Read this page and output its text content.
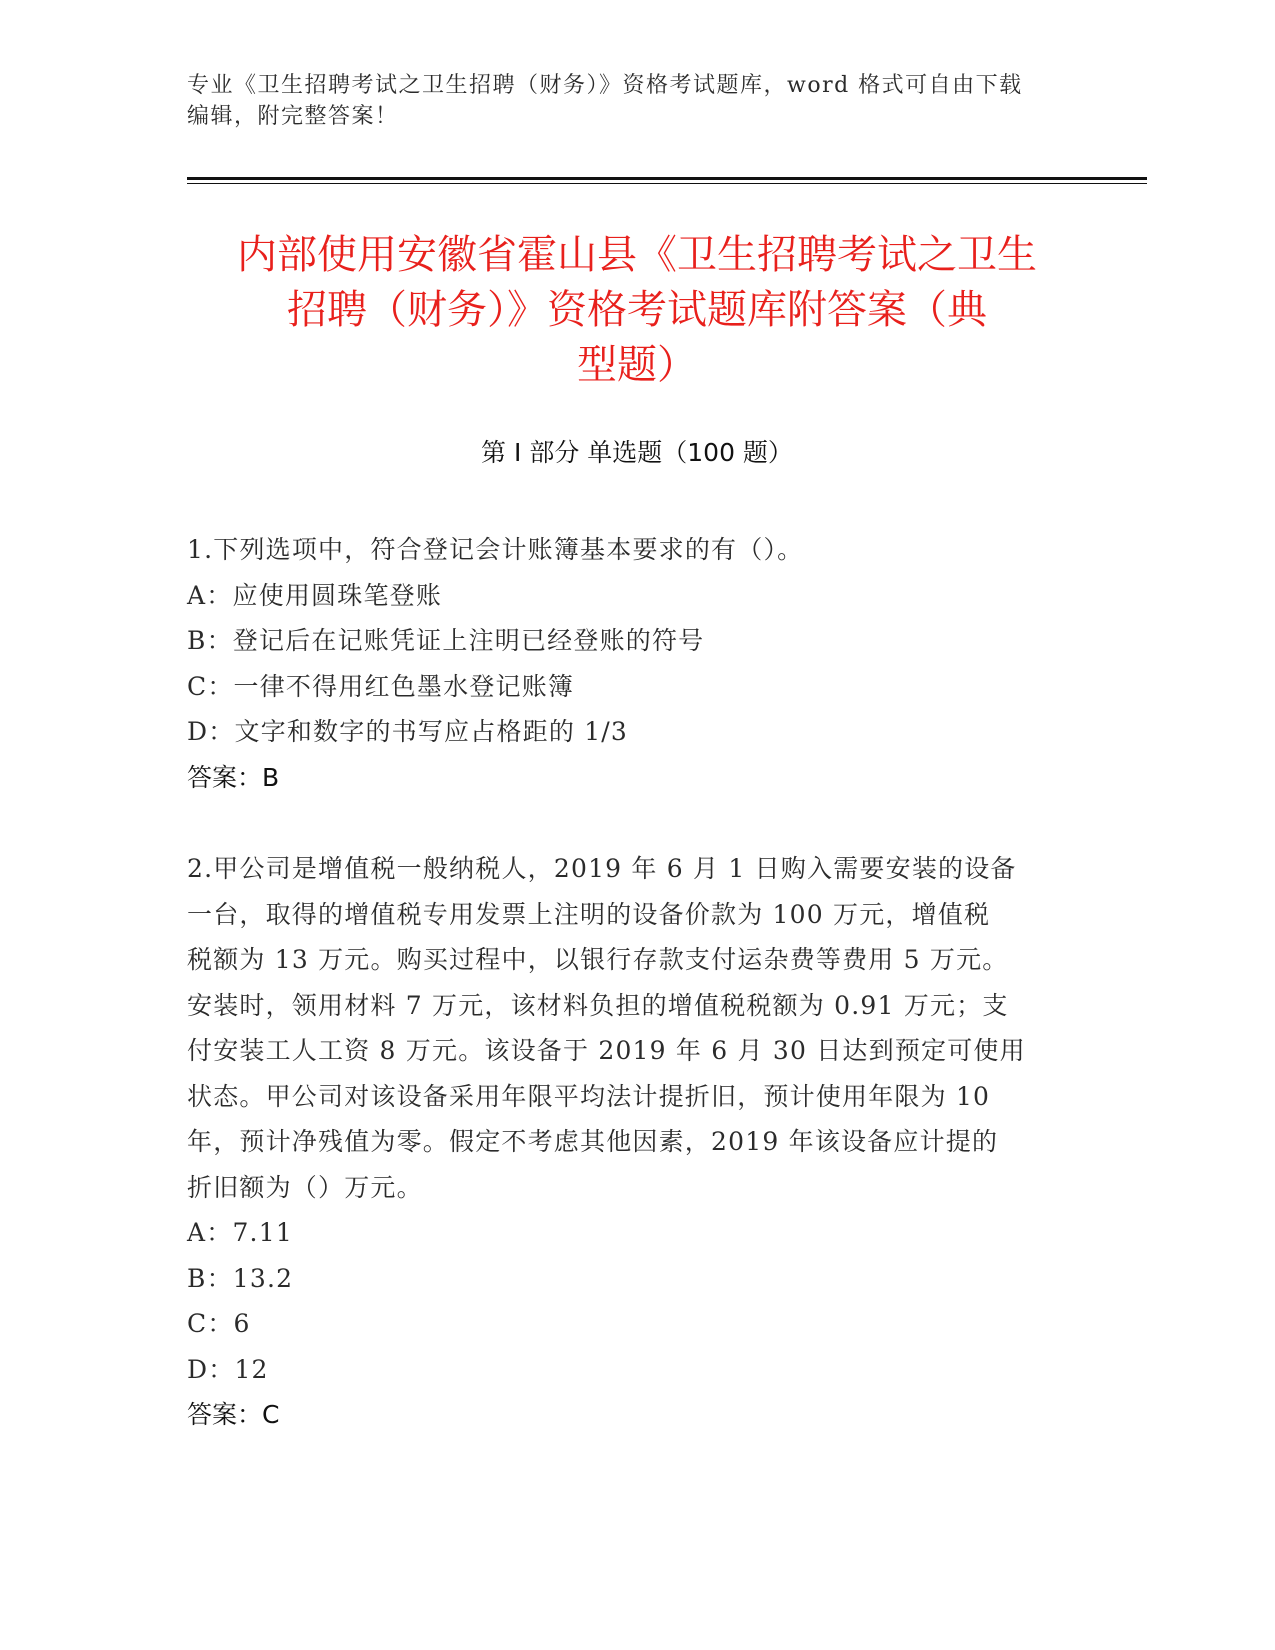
专业《卫生招聘考试之卫生招聘（财务）》资格考试题库，word 格式可自由下载
编辑，附完整答案！
内部使用安徽省霍山县《卫生招聘考试之卫生
招聘（财务）》资格考试题库附答案（典
型题）
第 I 部分 单选题（100 题）
1.下列选项中，符合登记会计账簿基本要求的有（）。
A：应使用圆珠笔登账
B：登记后在记账凭证上注明已经登账的符号
C：一律不得用红色墨水登记账簿
D：文字和数字的书写应占格距的 1/3
答案：B
2.甲公司是增值税一般纳税人，2019 年 6 月 1 日购入需要安装的设备
一台，取得的增值税专用发票上注明的设备价款为 100 万元，增值税
税额为 13 万元。购买过程中，以银行存款支付运杂费等费用 5 万元。
安装时，领用材料 7 万元，该材料负担的增值税税额为 0.91 万元；支
付安装工人工资 8 万元。该设备于 2019 年 6 月 30 日达到预定可使用
状态。甲公司对该设备采用年限平均法计提折旧，预计使用年限为 10
年，预计净残值为零。假定不考虑其他因素，2019 年该设备应计提的
折旧额为（）万元。
A：7.11
B：13.2
C：6
D：12
答案：C
